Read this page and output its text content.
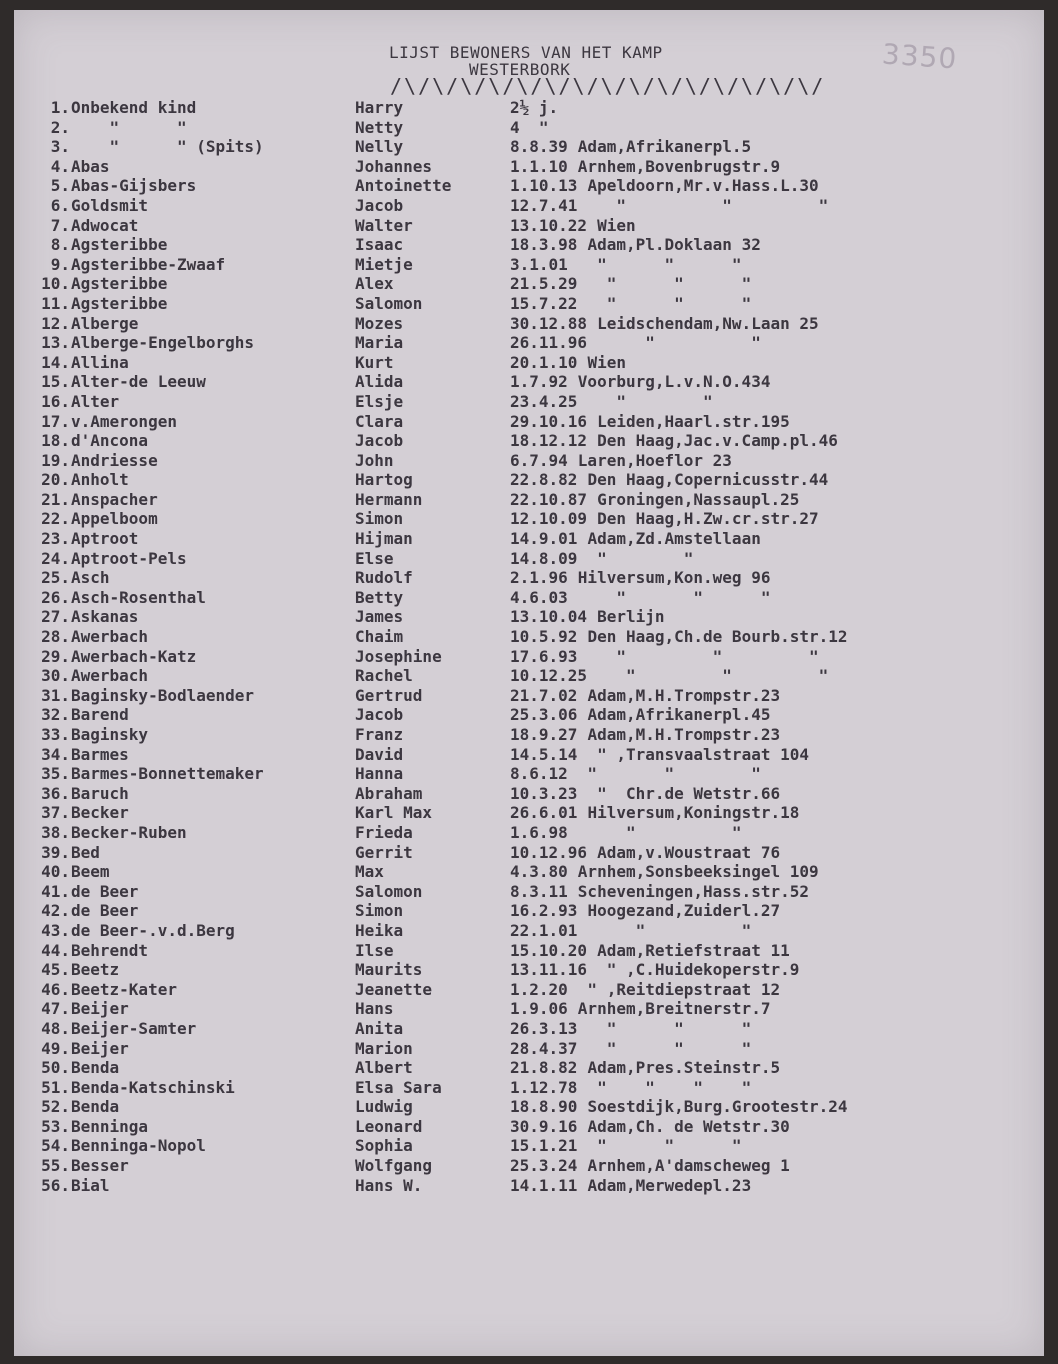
LIJST BEWONERS VAN HET KAMP
WESTERBORK
/\/\/\/\/\/\/\/\/\/\/\/\/\/\/\/
3350
1. Onbekend kind	Harry	2½ j.
2. "      "	Netty	4  "
3. "      " (Spits)	Nelly	8.8.39 Adam,Afrikanerpl.5
4. Abas	Johannes	1.1.10 Arnhem,Bovenbrugstr.9
5. Abas-Gijsbers	Antoinette	1.10.13 Apeldoorn,Mr.v.Hass.L.30
6. Goldsmit	Jacob	12.7.41   "          "         "
7. Adwocat	Walter	13.10.22 Wien
8. Agsteribbe	Isaac	18.3.98 Adam,Pl.Doklaan 32
9. Agsteribbe-Zwaaf	Mietje	3.1.01  "      "      "
10. Agsteribbe	Alex	21.5.29  "      "      "
11. Agsteribbe	Salomon	15.7.22  "      "      "
12. Alberge	Mozes	30.12.88 Leidschendam,Nw.Laan 25
13. Alberge-Engelborghs	Maria	26.11.96     "          "
14. Allina	Kurt	20.1.10 Wien
15. Alter-de Leeuw	Alida	1.7.92 Voorburg,L.v.N.O.434
16. Alter	Elsje	23.4.25   "        "
17. v.Amerongen	Clara	29.10.16 Leiden,Haarl.str.195
18. d'Ancona	Jacob	18.12.12 Den Haag,Jac.v.Camp.pl.46
19. Andriesse	John	6.7.94 Laren,Hoeflor 23
20. Anholt	Hartog	22.8.82 Den Haag,Copernicusstr.44
21. Anspacher	Hermann	22.10.87 Groningen,Nassaupl.25
22. Appelboom	Simon	12.10.09 Den Haag,H.Zw.cr.str.27
23. Aptroot	Hijman	14.9.01 Adam,Zd.Amstellaan
24. Aptroot-Pels	Else	14.8.09 "        "
25. Asch	Rudolf	2.1.96 Hilversum,Kon.weg 96
26. Asch-Rosenthal	Betty	4.6.03    "       "      "
27. Askanas	James	13.10.04 Berlijn
28. Awerbach	Chaim	10.5.92 Den Haag,Ch.de Bourb.str.12
29. Awerbach-Katz	Josephine	17.6.93   "         "         "
30. Awerbach	Rachel	10.12.25   "         "         "
31. Baginsky-Bodlaender	Gertrud	21.7.02 Adam,M.H.Trompstr.23
32. Barend	Jacob	25.3.06 Adam,Afrikanerpl.45
33. Baginsky	Franz	18.9.27 Adam,M.H.Trompstr.23
34. Barmes	David	14.5.14 " ,Transvaalstraat 104
35. Barmes-Bonnettemaker	Hanna	8.6.12 "       "        "
36. Baruch	Abraham	10.3.23 "  Chr.de Wetstr.66
37. Becker	Karl Max	26.6.01 Hilversum,Koningstr.18
38. Becker-Ruben	Frieda	1.6.98     "          "
39. Bed	Gerrit	10.12.96 Adam,v.Woustraat 76
40. Beem	Max	4.3.80 Arnhem,Sonsbeeksingel 109
41. de Beer	Salomon	8.3.11 Scheveningen,Hass.str.52
42. de Beer	Simon	16.2.93 Hoogezand,Zuiderl.27
43. de Beer-.v.d.Berg	Heika	22.1.01     "          "
44. Behrendt	Ilse	15.10.20 Adam,Retiefstraat 11
45. Beetz	Maurits	13.11.16 " ,C.Huidekoperstr.9
46. Beetz-Kater	Jeanette	1.2.20 " ,Reitdiepstraat 12
47. Beijer	Hans	1.9.06 Arnhem,Breitnerstr.7
48. Beijer-Samter	Anita	26.3.13  "      "      "
49. Beijer	Marion	28.4.37  "      "      "
50. Benda	Albert	21.8.82 Adam,Pres.Steinstr.5
51. Benda-Katschinski	Elsa Sara	1.12.78 "    "    "    "
52. Benda	Ludwig	18.8.90 Soestdijk,Burg.Grootestr.24
53. Benninga	Leonard	30.9.16 Adam,Ch. de Wetstr.30
54. Benninga-Nopol	Sophia	15.1.21 "      "      "
55. Besser	Wolfgang	25.3.24 Arnhem,A'damscheweg 1
56. Bial	Hans W.	14.1.11 Adam,Merwedepl.23
